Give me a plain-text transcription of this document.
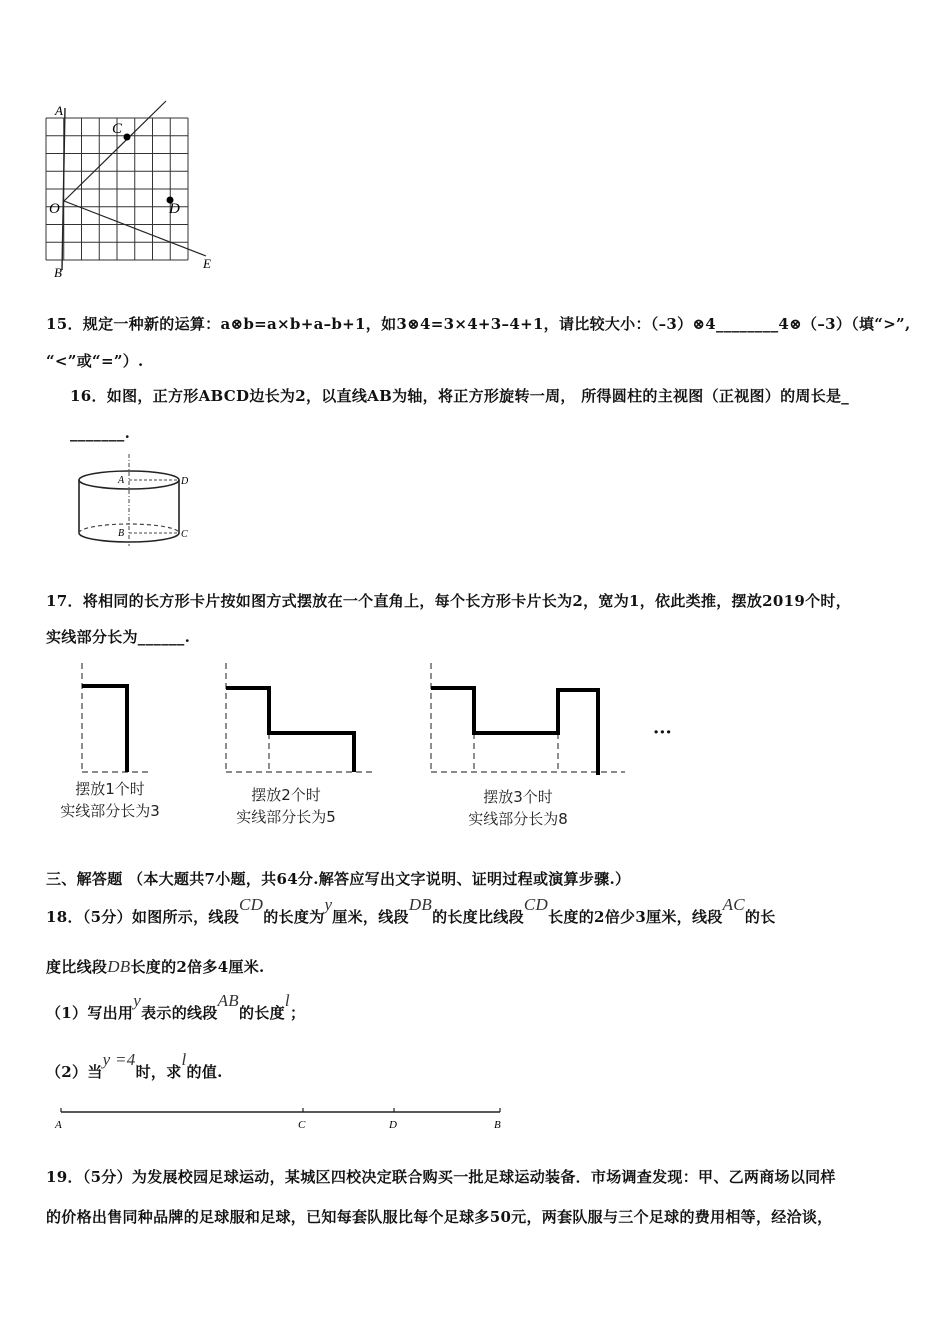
A
C
O	D
B
E
15．规定一种新的运算：a⊗b=a×b+a–b+1，如3⊗4=3×4+3–4+1，请比较大小：（–3）⊗4________4⊗（–3）（填“>”,
“<”或“=”）.
16．如图，正方形ABCD边长为2，以直线AB为轴，将正方形旋转一周， 所得圆柱的主视图（正视图）的周长是_
_______.
A	D
B	C
17．将相同的长方形卡片按如图方式摆放在一个直角上，每个长方形卡片长为2，宽为1，依此类推，摆放2019个时，
实线部分长为______.
···
摆放1个时
实线部分长为3
摆放2个时
实线部分长为5
摆放3个时
实线部分长为8
三、解答题 （本大题共7小题，共64分.解答应写出文字说明、证明过程或演算步骤.）
18．（5分）如图所示，线段CD的长度为y厘米，线段DB的长度比线段CD长度的2倍少3厘米，线段AC的长
度比线段DB长度的2倍多4厘米.
（1）写出用y表示的线段AB的长度l；
（2）当y =4时，求l的值.
A	C	D	B
19．（5分）为发展校园足球运动，某城区四校决定联合购买一批足球运动装备．市场调查发现：甲、乙两商场以同样
的价格出售同种品牌的足球服和足球，已知每套队服比每个足球多50元，两套队服与三个足球的费用相等，经洽谈，
